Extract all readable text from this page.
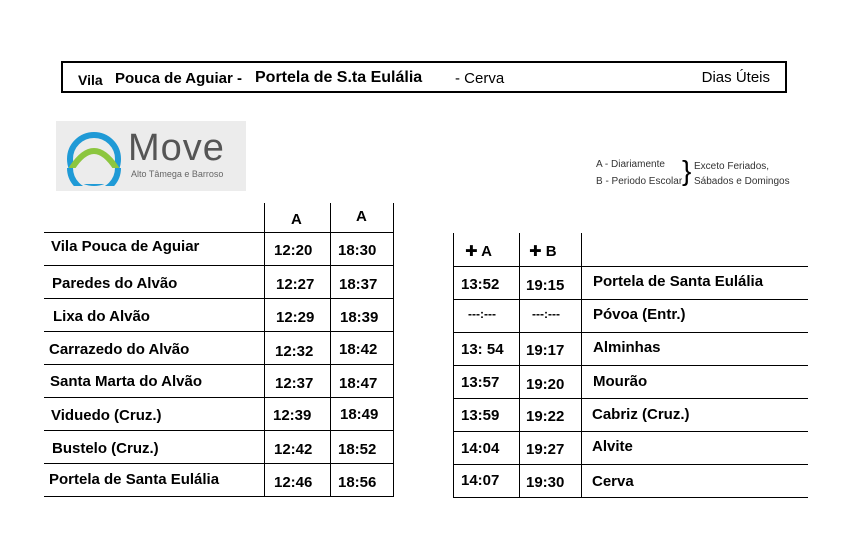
Vila Pouca de Aguiar - Portela de S.ta Eulália - Cerva	Dias Úteis
Move
Alto Tâmega e Barroso
A - Diariamente
B - Periodo Escolar } Exceto Feriados,
Sábados e Domingos
A	A
Vila Pouca de Aguiar	12:20 18:30
Paredes do Alvão	12:27 18:37
Lixa do Alvão	12:29 18:39
Carrazedo do Alvão	12:32 18:42
Santa Marta do Alvão	12:37 18:47
Viduedo (Cruz.)	12:39 18:49
Bustelo (Cruz.)	12:42 18:52
Portela de Santa Eulália	12:46 18:56
✚ A ✚ B
13:52 19:15 Portela de Santa Eulália
---:---	---:--- Póvoa (Entr.)
13: 54 19:17 Alminhas
13:57 19:20 Mourão
13:59 19:22 Cabriz (Cruz.)
14:04 19:27 Alvite
14:07 19:30 Cerva
